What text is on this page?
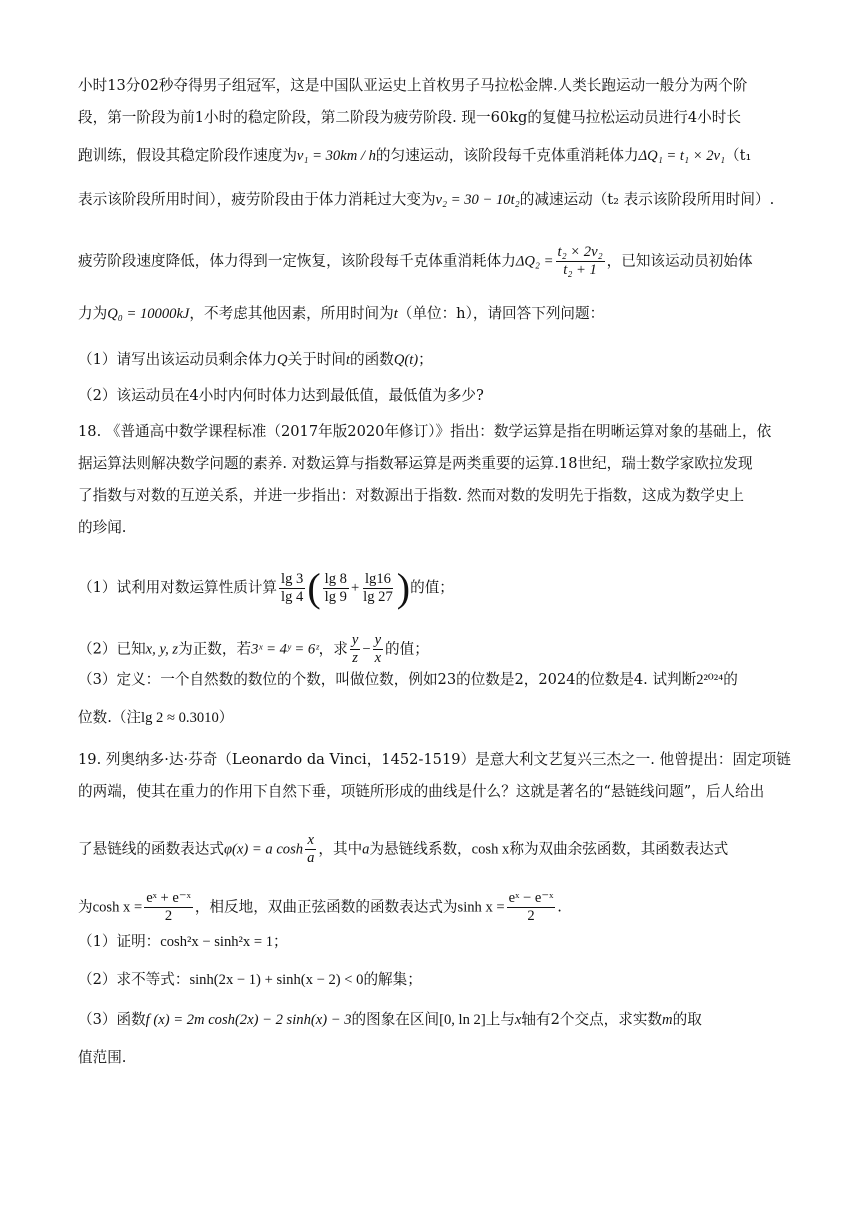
小时13分02秒夺得男子组冠军，这是中国队亚运史上首枚男子马拉松金牌.人类长跑运动一般分为两个阶
段，第一阶段为前1小时的稳定阶段，第二阶段为疲劳阶段. 现一60kg的复健马拉松运动员进行4小时长
跑训练，假设其稳定阶段作速度为v₁ = 30km / h的匀速运动，该阶段每千克体重消耗体力ΔQ₁ = t₁ × 2v₁（t₁
表示该阶段所用时间），疲劳阶段由于体力消耗过大变为v₂ = 30 − 10t₂的减速运动（t₂ 表示该阶段所用时间）.
疲劳阶段速度降低，体力得到一定恢复，该阶段每千克体重消耗体力$\Delta Q_2 = \frac{\text{t₂ × 2v₂}}{\text{t₂ + 1}}$ ，已知该运动员初始体
力为Q₀ = 10000kJ，不考虑其他因素，所用时间为t（单位：h），请回答下列问题：
（1）请写出该运动员剩余体力Q关于时间t的函数Q(t)；
（2）该运动员在4小时内何时体力达到最低值，最低值为多少?
18. 《普通高中数学课程标准（2017年版2020年修订）》指出：数学运算是指在明晰运算对象的基础上，依
据运算法则解决数学问题的素养. 对数运算与指数幂运算是两类重要的运算.18世纪，瑞士数学家欧拉发现
了指数与对数的互逆关系，并进一步指出：对数源出于指数. 然而对数的发明先于指数，这成为数学史上
的珍闻.
（1）试利用对数运算性质计算 $\frac{\lg 3}{\lg 4}$ ( $\frac{\lg 8}{\lg 9} + \frac{\lg 16}{\lg 27}$ )的值；
（2）已知x, y, z为正数，若3ˣ = 4ʸ = 6ᶻ，求 $\frac{y}{z} - \frac{y}{x}$ 的值；
（3）定义：一个自然数的数位的个数，叫做位数，例如23的位数是2，2024的位数是4. 试判断2²⁰²⁴的
位数.（注lg 2 ≈ 0.3010）
19. 列奥纳多·达·芬奇（Leonardo da Vinci，1452-1519）是意大利文艺复兴三杰之一. 他曾提出：固定项链
的两端，使其在重力的作用下自然下垂，项链所形成的曲线是什么？这就是著名的“悬链线问题”，后人给出
了悬链线的函数表达式φ(x) = a $\cosh \frac{x}{a}$ ，其中a为悬链线系数，cosh x称为双曲余弦函数，其函数表达式
为$\cosh x = \frac{\text{eˣ + e⁻ˣ}}{2}$ ，相反地，双曲正弦函数的函数表达式为$\sinh x = \frac{\text{eˣ − e⁻ˣ}}{2}$ .
（1）证明：cosh²x − sinh²x = 1；
（2）求不等式：sinh(2x − 1) + sinh(x − 2) < 0的解集；
（3）函数f (x) = 2m cosh(2x) − 2 sinh(x) − 3的图象在区间[0, ln 2]上与x轴有2个交点，求实数m的取
值范围.
